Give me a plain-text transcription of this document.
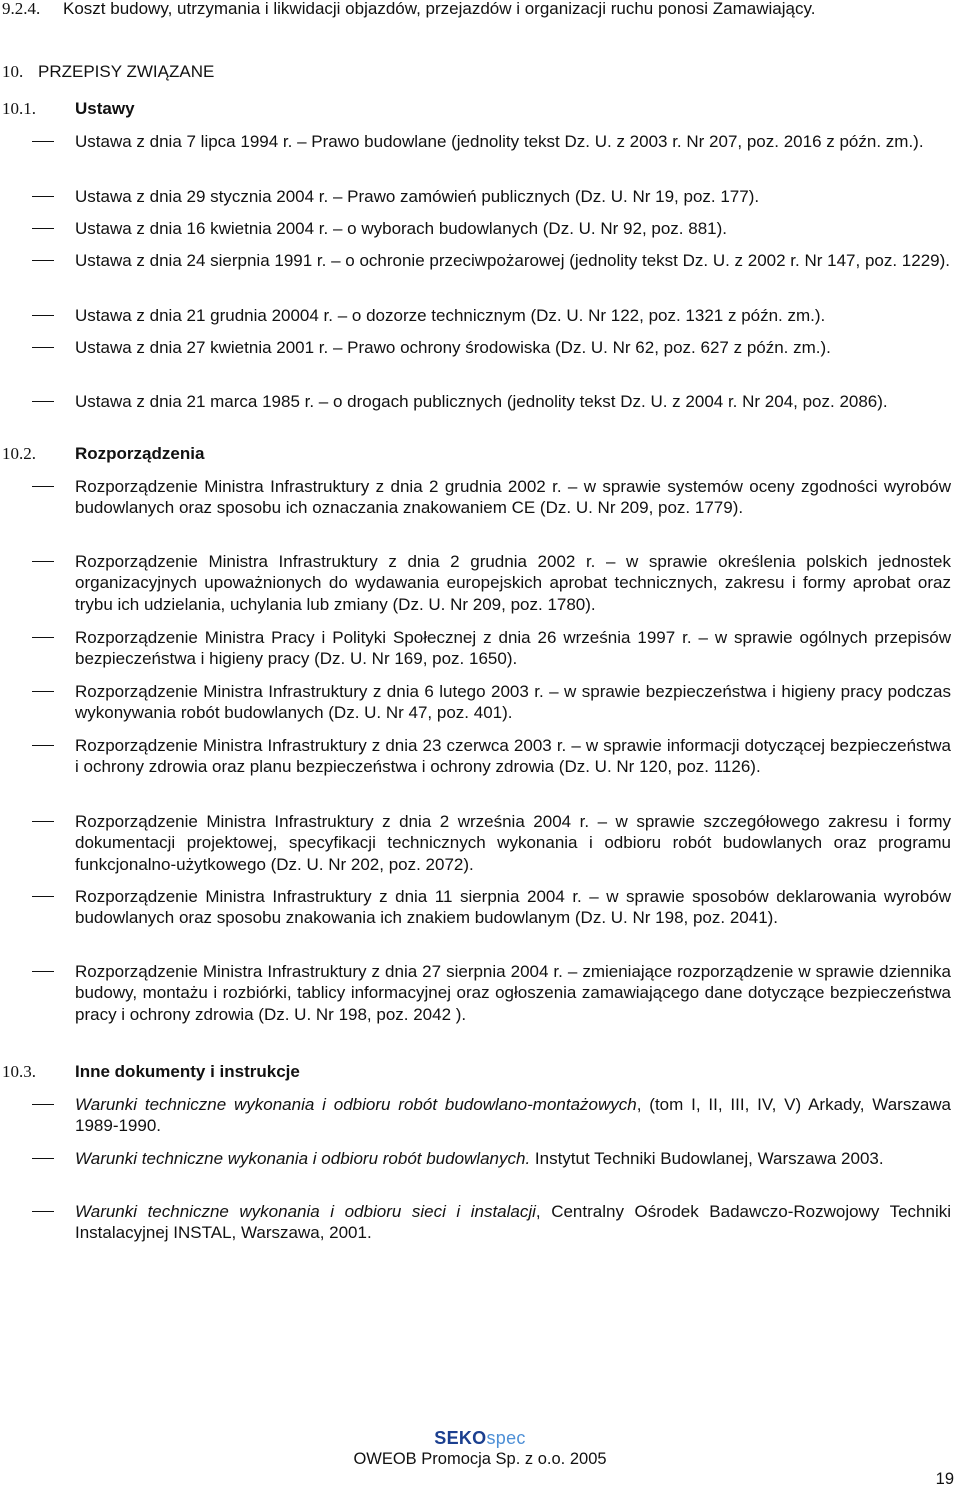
9.2.4. Koszt budowy, utrzymania i likwidacji objazdów, przejazdów i organizacji ruchu ponosi Zamawiający.
10. PRZEPISY ZWIĄZANE
10.1. Ustawy
Ustawa z dnia 7 lipca 1994 r. – Prawo budowlane (jednolity tekst Dz. U. z 2003 r. Nr 207, poz. 2016 z późn. zm.).
Ustawa z dnia 29 stycznia 2004 r. – Prawo zamówień publicznych (Dz. U. Nr 19, poz. 177).
Ustawa z dnia 16 kwietnia 2004 r. – o wyborach budowlanych (Dz. U. Nr 92, poz. 881).
Ustawa z dnia 24 sierpnia 1991 r. – o ochronie przeciwpożarowej (jednolity tekst Dz. U. z 2002 r. Nr 147, poz. 1229).
Ustawa z dnia 21 grudnia 20004 r. – o dozorze technicznym (Dz. U. Nr 122, poz. 1321 z późn. zm.).
Ustawa z dnia 27 kwietnia 2001 r. – Prawo ochrony środowiska (Dz. U. Nr 62, poz. 627 z późn. zm.).
Ustawa z dnia 21 marca 1985 r. – o drogach publicznych (jednolity tekst Dz. U. z 2004 r. Nr 204, poz. 2086).
10.2. Rozporządzenia
Rozporządzenie Ministra Infrastruktury z dnia 2 grudnia 2002 r. – w sprawie systemów oceny zgodności wyrobów budowlanych oraz sposobu ich oznaczania znakowaniem CE (Dz. U. Nr 209, poz. 1779).
Rozporządzenie Ministra Infrastruktury z dnia 2 grudnia 2002 r. – w sprawie określenia polskich jednostek organizacyjnych upoważnionych do wydawania europejskich aprobat technicznych, zakresu i formy aprobat oraz trybu ich udzielania, uchylania lub zmiany (Dz. U. Nr 209, poz. 1780).
Rozporządzenie Ministra Pracy i Polityki Społecznej z dnia 26 września 1997 r. – w sprawie ogólnych przepisów bezpieczeństwa i higieny pracy (Dz. U. Nr 169, poz. 1650).
Rozporządzenie Ministra Infrastruktury z dnia 6 lutego 2003 r. – w sprawie bezpieczeństwa i higieny pracy podczas wykonywania robót budowlanych (Dz. U. Nr 47, poz. 401).
Rozporządzenie Ministra Infrastruktury z dnia 23 czerwca 2003 r. – w sprawie informacji dotyczącej bezpieczeństwa i ochrony zdrowia oraz planu bezpieczeństwa i ochrony zdrowia (Dz. U. Nr 120, poz. 1126).
Rozporządzenie Ministra Infrastruktury z dnia 2 września 2004 r. – w sprawie szczegółowego zakresu i formy dokumentacji projektowej, specyfikacji technicznych wykonania i odbioru robót budowlanych oraz programu funkcjonalno-użytkowego (Dz. U. Nr 202, poz. 2072).
Rozporządzenie Ministra Infrastruktury z dnia 11 sierpnia 2004 r. – w sprawie sposobów deklarowania wyrobów budowlanych oraz sposobu znakowania ich znakiem budowlanym (Dz. U. Nr 198, poz. 2041).
Rozporządzenie Ministra Infrastruktury z dnia 27 sierpnia 2004 r. – zmieniające rozporządzenie w sprawie dziennika budowy, montażu i rozbiórki, tablicy informacyjnej oraz ogłoszenia zamawiającego dane dotyczące bezpieczeństwa pracy i ochrony zdrowia (Dz. U. Nr 198, poz. 2042 ).
10.3. Inne dokumenty i instrukcje
Warunki techniczne wykonania i odbioru robót budowlano-montażowych, (tom I, II, III, IV, V) Arkady, Warszawa 1989-1990.
Warunki techniczne wykonania i odbioru robót budowlanych. Instytut Techniki Budowlanej, Warszawa 2003.
Warunki techniczne wykonania i odbioru sieci i instalacji, Centralny Ośrodek Badawczo-Rozwojowy Techniki Instalacyjnej INSTAL, Warszawa, 2001.
SEKOspec
OWEOB Promocja Sp. z o.o. 2005
19
